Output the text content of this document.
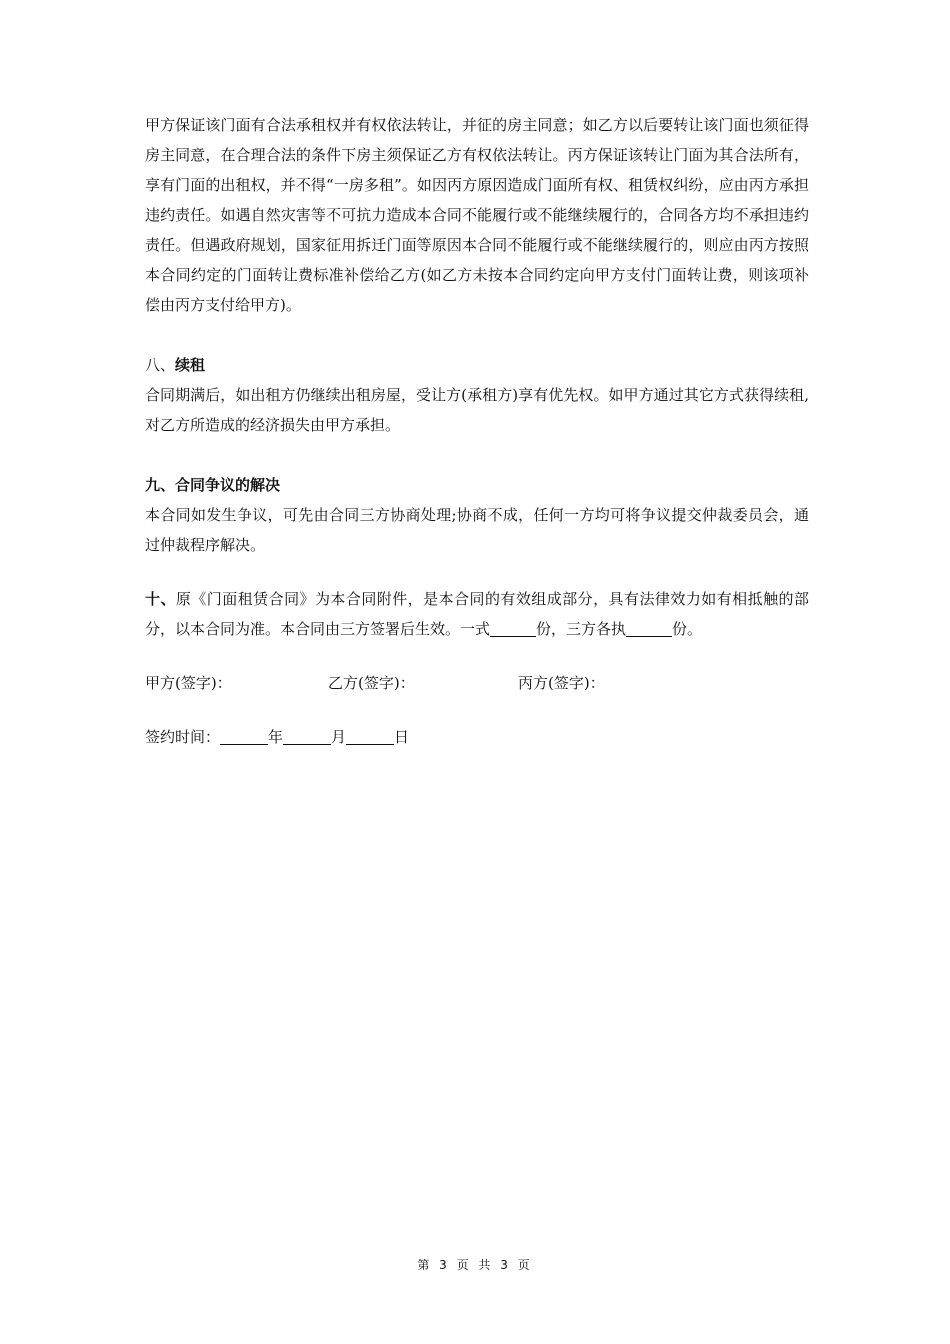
甲方保证该门面有合法承租权并有权依法转让，并征的房主同意；如乙方以后要转让该门面也须征得房主同意，在合理合法的条件下房主须保证乙方有权依法转让。丙方保证该转让门面为其合法所有，享有门面的出租权，并不得“一房多租”。如因丙方原因造成门面所有权、租赁权纠纷，应由丙方承担违约责任。如遇自然灾害等不可抗力造成本合同不能履行或不能继续履行的，合同各方均不承担违约责任。但遇政府规划，国家征用拆迁门面等原因本合同不能履行或不能继续履行的，则应由丙方按照本合同约定的门面转让费标准补偿给乙方(如乙方未按本合同约定向甲方支付门面转让费，则该项补偿由丙方支付给甲方)。

八、续租

合同期满后，如出租方仍继续出租房屋，受让方(承租方)享有优先权。如甲方通过其它方式获得续租,对乙方所造成的经济损失由甲方承担。

九、合同争议的解决

本合同如发生争议，可先由合同三方协商处理;协商不成，任何一方均可将争议提交仲裁委员会，通过仲裁程序解决。

十、原《门面租赁合同》为本合同附件，是本合同的有效组成部分，具有法律效力如有相抵触的部分，以本合同为准。本合同由三方签署后生效。一式	份，三方各执	份。

甲方(签字)：	乙方(签字)：	丙方(签字)：
签约时间：	年	月	日
第 3 页 共 3 页
